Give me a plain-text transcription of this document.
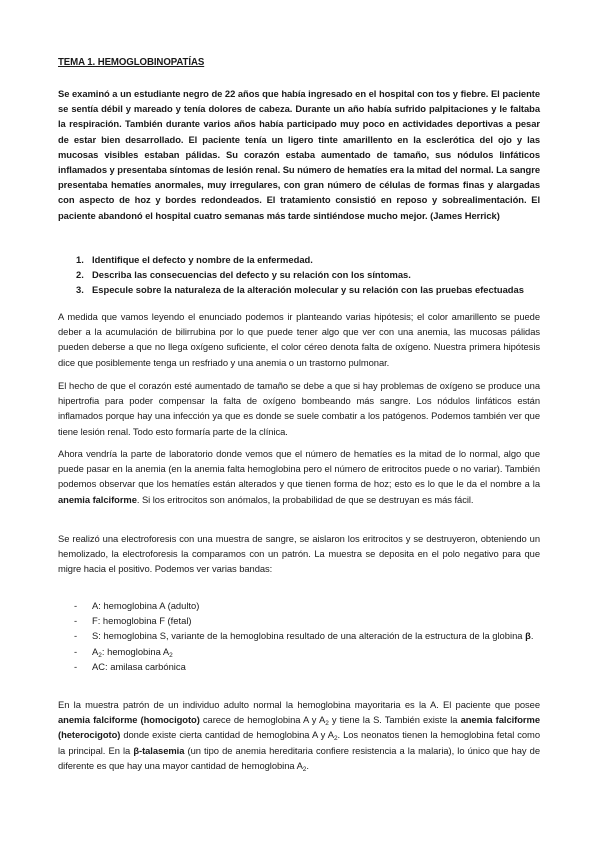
TEMA 1. HEMOGLOBINOPATÍAS

Se examinó a un estudiante negro de 22 años que había ingresado en el hospital con tos y fiebre. El paciente se sentía débil y mareado y tenía dolores de cabeza. Durante un año había sufrido palpitaciones y le faltaba la respiración. También durante varios años había participado muy poco en actividades deportivas a pesar de estar bien desarrollado. El paciente tenía un ligero tinte amarillento en la esclerótica del ojo y las mucosas visibles estaban pálidas. Su corazón estaba aumentado de tamaño, sus nódulos linfáticos inflamados y presentaba síntomas de lesión renal. Su número de hematíes era la mitad del normal. La sangre presentaba hematíes anormales, muy irregulares, con gran número de células de formas finas y alargadas con aspecto de hoz y bordes redondeados. El tratamiento consistió en reposo y sobrealimentación. El paciente abandonó el hospital cuatro semanas más tarde sintiéndose mucho mejor. (James Herrick)

1. Identifique el defecto y nombre de la enfermedad.
2. Describa las consecuencias del defecto y su relación con los síntomas.
3. Especule sobre la naturaleza de la alteración molecular y su relación con las pruebas efectuadas

A medida que vamos leyendo el enunciado podemos ir planteando varias hipótesis; el color amarillento se puede deber a la acumulación de bilirrubina por lo que puede tener algo que ver con una anemia, las mucosas pálidas pueden deberse a que no llega oxígeno suficiente, el color céreo denota falta de oxígeno. Nuestra primera hipótesis dice que posiblemente tenga un resfriado y una anemia o un trastorno pulmonar.

El hecho de que el corazón esté aumentado de tamaño se debe a que si hay problemas de oxígeno se produce una hipertrofia para poder compensar la falta de oxígeno bombeando más sangre. Los nódulos linfáticos están inflamados porque hay una infección ya que es donde se suele combatir a los patógenos. Podemos también ver que tiene lesión renal. Todo esto formaría parte de la clínica.

Ahora vendría la parte de laboratorio donde vemos que el número de hematíes es la mitad de lo normal, algo que puede pasar en la anemia (en la anemia falta hemoglobina pero el número de eritrocitos puede o no variar). También podemos observar que los hematíes están alterados y que tienen forma de hoz; esto es lo que le da el nombre a la anemia falciforme. Si los eritrocitos son anómalos, la probabilidad de que se destruyan es más fácil.

Se realizó una electroforesis con una muestra de sangre, se aislaron los eritrocitos y se destruyeron, obteniendo un hemolizado, la electroforesis la comparamos con un patrón. La muestra se deposita en el polo negativo para que migre hacia el positivo. Podemos ver varias bandas:

- A: hemoglobina A (adulto)
- F: hemoglobina F (fetal)
- S: hemoglobina S, variante de la hemoglobina resultado de una alteración de la estructura de la globina β.
- $A_2$: hemoglobina $A_2$
- AC: amilasa carbónica

En la muestra patrón de un individuo adulto normal la hemoglobina mayoritaria es la A. El paciente que posee anemia falciforme (homocigoto) carece de hemoglobina A y $A_2$ y tiene la S. También existe la anemia falciforme (heterocigoto) donde existe cierta cantidad de hemoglobina A y $A_2$. Los neonatos tienen la hemoglobina fetal como la principal. En la β-talasemia (un tipo de anemia hereditaria confiere resistencia a la malaria), lo único que hay de diferente es que hay una mayor cantidad de hemoglobina $A_2$.
